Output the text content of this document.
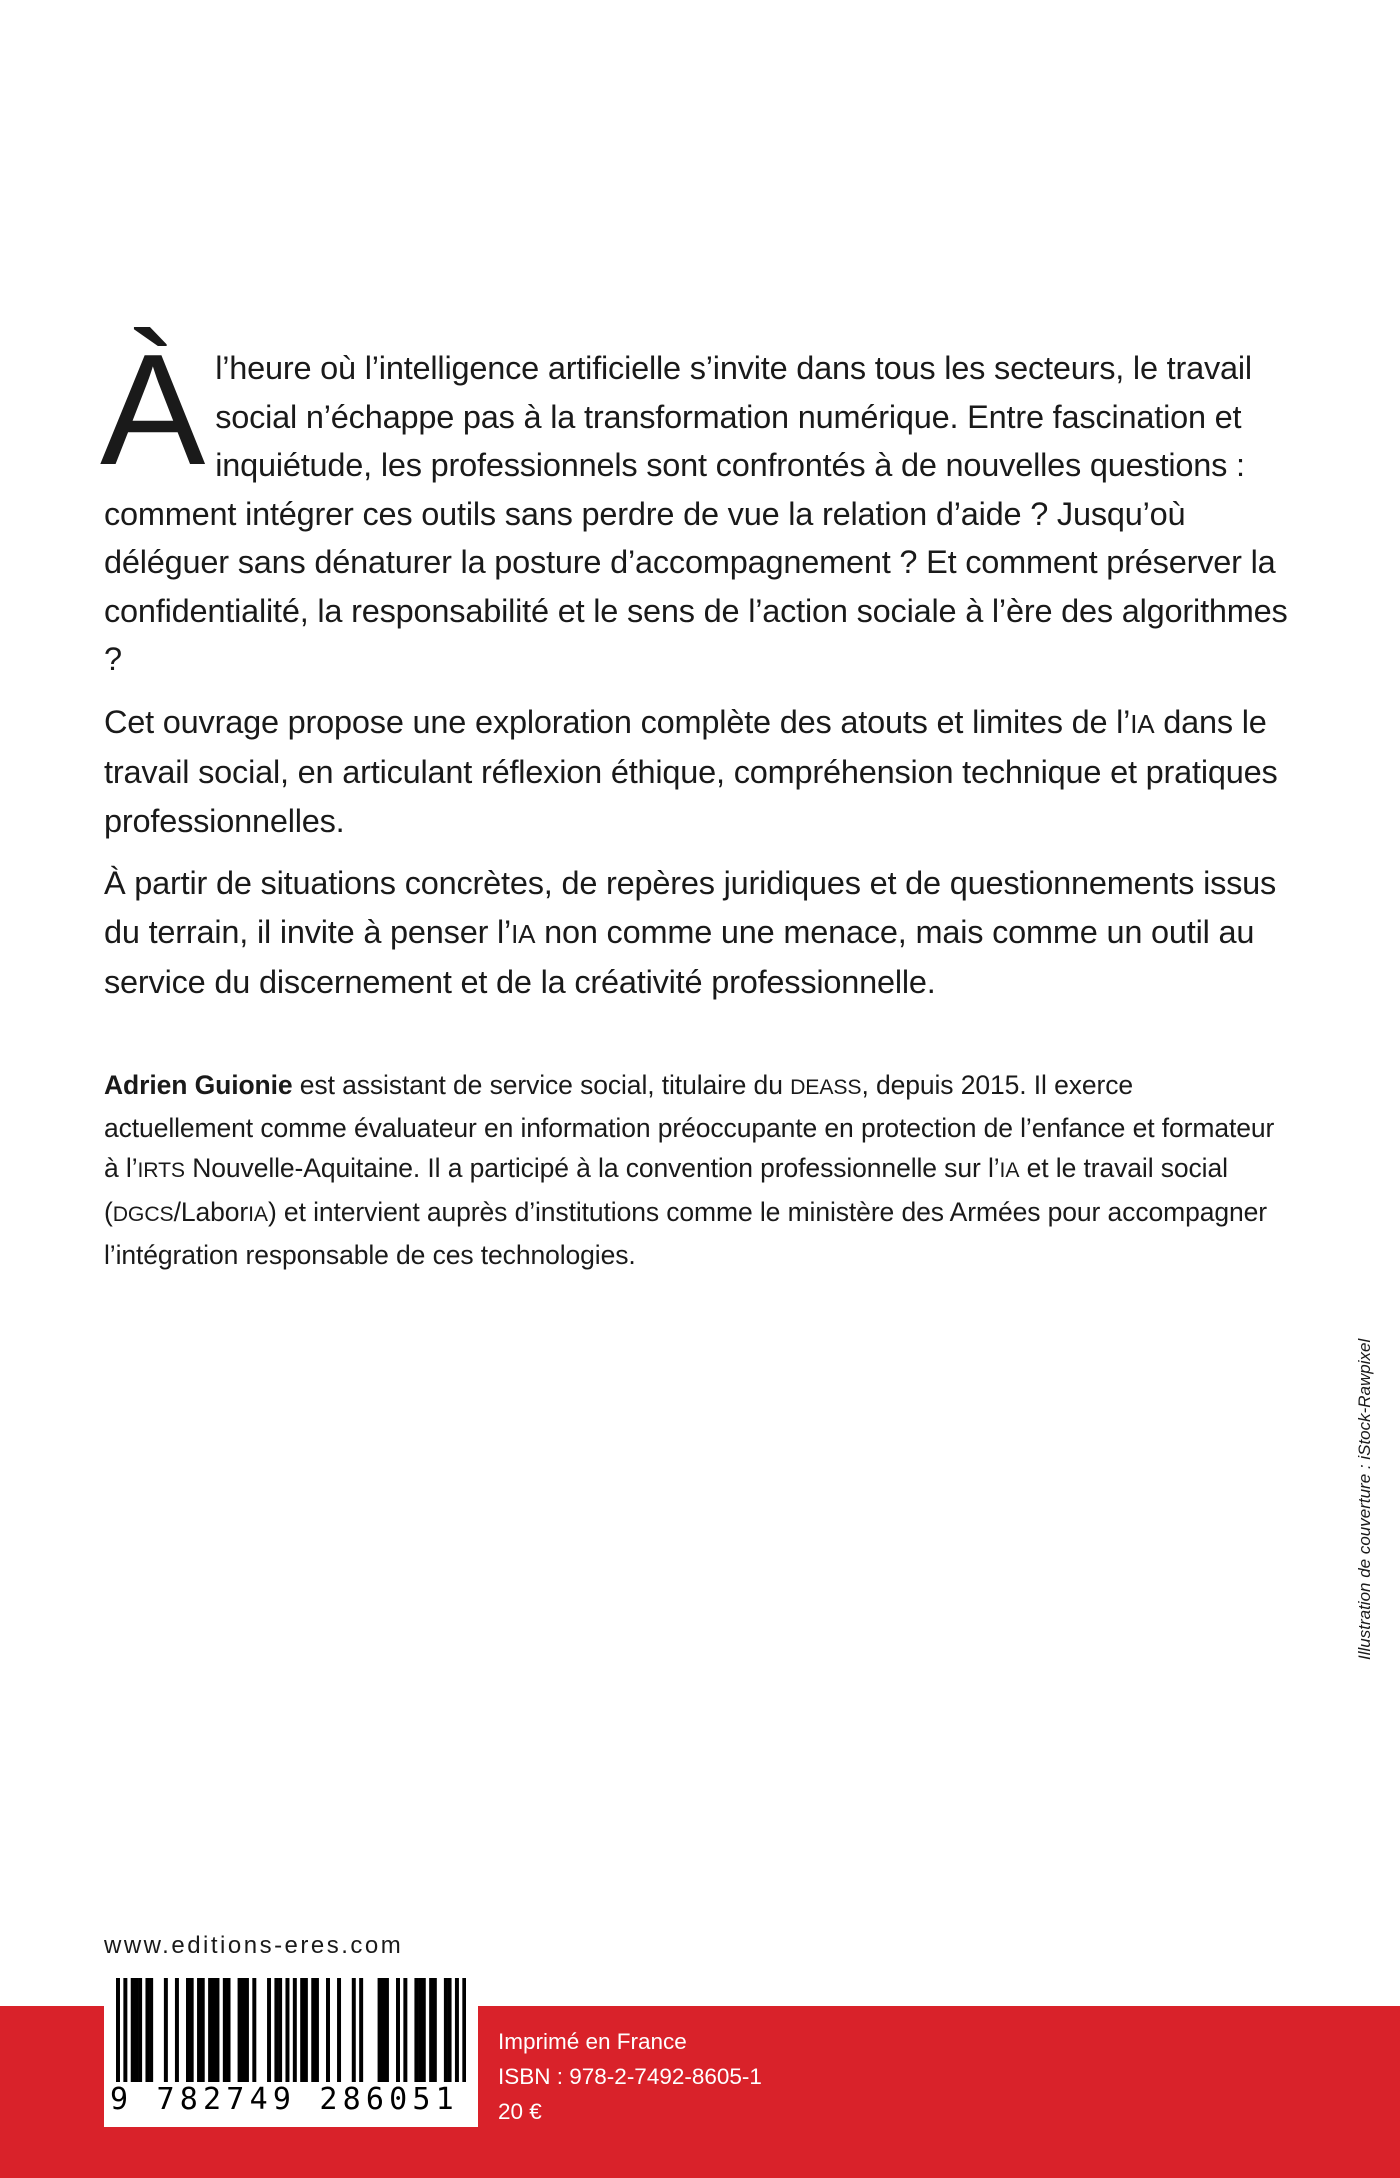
Àl’heure où l’intelligence artificielle s’invite dans tous les secteurs, le travail social n’échappe pas à la transformation numérique. Entre fascination et inquiétude, les professionnels sont confrontés à de nouvelles questions : comment intégrer ces outils sans perdre de vue la relation d’aide ? Jusqu’où déléguer sans dénaturer la posture d’accompagnement ? Et comment préserver la confidentialité, la responsabilité et le sens de l’action sociale à l’ère des algorithmes ?

Cet ouvrage propose une exploration complète des atouts et limites de l’IA dans le travail social, en articulant réflexion éthique, compréhension technique et pratiques professionnelles.

À partir de situations concrètes, de repères juridiques et de questionnements issus du terrain, il invite à penser l’IA non comme une menace, mais comme un outil au service du discernement et de la créativité professionnelle.

Adrien Guionie est assistant de service social, titulaire du DEASS, depuis 2015. Il exerce actuellement comme évaluateur en information préoccupante en protection de l’enfance et formateur à l’IRTS Nouvelle-Aquitaine. Il a participé à la convention professionnelle sur l’IA et le travail social (DGCS/LaborIA) et intervient auprès d’institutions comme le ministère des Armées pour accompagner l’intégration responsable de ces technologies.

Illustration de couverture : iStock-Rawpixel

www.editions-eres.com

9 782749 286051

Imprimé en France
ISBN : 978-2-7492-8605-1
20 €
